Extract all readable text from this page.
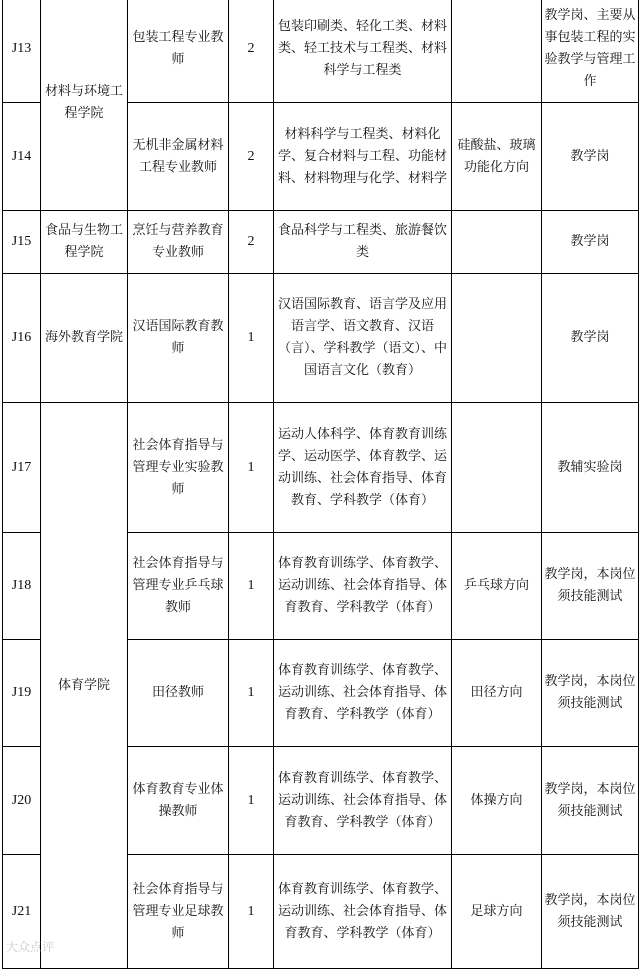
J13	材料与环境工程学院	包装工程专业教师	2	包装印刷类、轻化工类、材料类、轻工技术与工程类、材料科学与工程类		教学岗、主要从事包装工程的实验教学与管理工作
J14		无机非金属材料工程专业教师	2	材料科学与工程类、材料化学、复合材料与工程、功能材料、材料物理与化学、材料学	硅酸盐、玻璃功能化方向	教学岗
J15	食品与生物工程学院	烹饪与营养教育专业教师	2	食品科学与工程类、旅游餐饮类		教学岗
J16	海外教育学院	汉语国际教育教师	1	汉语国际教育、语言学及应用语言学、语文教育、汉语（言）、学科教学（语文）、中国语言文化（教育）		教学岗
J17	体育学院	社会体育指导与管理专业实验教师	1	运动人体科学、体育教育训练学、运动医学、体育教学、运动训练、社会体育指导、体育教育、学科教学（体育）		教辅实验岗
J18		社会体育指导与管理专业乒乓球教师	1	体育教育训练学、体育教学、运动训练、社会体育指导、体育教育、学科教学（体育）	乒乓球方向	教学岗，本岗位须技能测试
J19		田径教师	1	体育教育训练学、体育教学、运动训练、社会体育指导、体育教育、学科教学（体育）	田径方向	教学岗，本岗位须技能测试
J20		体育教育专业体操教师	1	体育教育训练学、体育教学、运动训练、社会体育指导、体育教育、学科教学（体育）	体操方向	教学岗，本岗位须技能测试
J21		社会体育指导与管理专业足球教师	1	体育教育训练学、体育教学、运动训练、社会体育指导、体育教育、学科教学（体育）	足球方向	教学岗，本岗位须技能测试
大众点评
